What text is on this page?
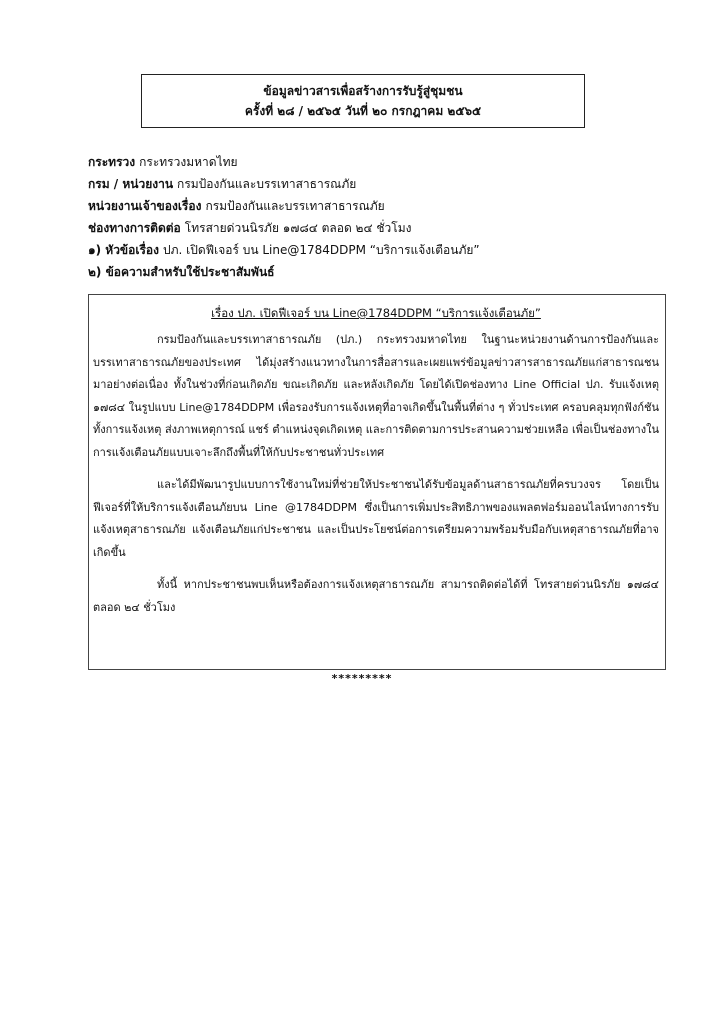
ข้อมูลข่าวสารเพื่อสร้างการรับรู้สู่ชุมชน
ครั้งที่ ๒๘ / ๒๕๖๕ วันที่ ๒๐ กรกฎาคม ๒๕๖๕
กระทรวง กระทรวงมหาดไทย
กรม / หน่วยงาน กรมป้องกันและบรรเทาสาธารณภัย
หน่วยงานเจ้าของเรื่อง กรมป้องกันและบรรเทาสาธารณภัย
ช่องทางการติดต่อ โทรสายด่วนนิรภัย ๑๗๘๔ ตลอด ๒๔ ชั่วโมง
๑) หัวข้อเรื่อง ปภ. เปิดฟีเจอร์ บน Line@1784DDPM “บริการแจ้งเตือนภัย”
๒) ข้อความสำหรับใช้ประชาสัมพันธ์
เรื่อง ปภ. เปิดฟีเจอร์ บน Line@1784DDPM “บริการแจ้งเตือนภัย”

กรมป้องกันและบรรเทาสาธารณภัย (ปภ.) กระทรวงมหาดไทย ในฐานะหน่วยงานด้านการป้องกันและบรรเทาสาธารณภัยของประเทศ ได้มุ่งสร้างแนวทางในการสื่อสารและเผยแพร่ข้อมูลข่าวสารสาธารณภัยแก่สาธารณชนมาอย่างต่อเนื่อง ทั้งในช่วงที่ก่อนเกิดภัย ขณะเกิดภัย และหลังเกิดภัย โดยได้เปิดช่องทาง Line Official ปภ. รับแจ้งเหตุ ๑๗๘๔ ในรูปแบบ Line@1784DDPM เพื่อรองรับการแจ้งเหตุที่อาจเกิดขึ้นในพื้นที่ต่าง ๆ ทั่วประเทศ ครอบคลุมทุกฟังก์ชัน ทั้งการแจ้งเหตุ ส่งภาพเหตุการณ์ แชร์ ตำแหน่งจุดเกิดเหตุ และการติดตามการประสานความช่วยเหลือ เพื่อเป็นช่องทางในการแจ้งเตือนภัยแบบเจาะลึกถึงพื้นที่ให้กับประชาชนทั่วประเทศ

และได้มีพัฒนารูปแบบการใช้งานใหม่ที่ช่วยให้ประชาชนได้รับข้อมูลด้านสาธารณภัยที่ครบวงจร โดยเป็นฟีเจอร์ที่ให้บริการแจ้งเตือนภัยบน Line @1784DDPM ซึ่งเป็นการเพิ่มประสิทธิภาพของแพลตฟอร์มออนไลน์ทางการรับแจ้งเหตุสาธารณภัย แจ้งเตือนภัยแก่ประชาชน และเป็นประโยชน์ต่อการเตรียมความพร้อมรับมือกับเหตุสาธารณภัยที่อาจเกิดขึ้น

ทั้งนี้ หากประชาชนพบเห็นหรือต้องการแจ้งเหตุสาธารณภัย สามารถติดต่อได้ที่ โทรสายด่วนนิรภัย ๑๗๘๔ ตลอด ๒๔ ชั่วโมง

*********
